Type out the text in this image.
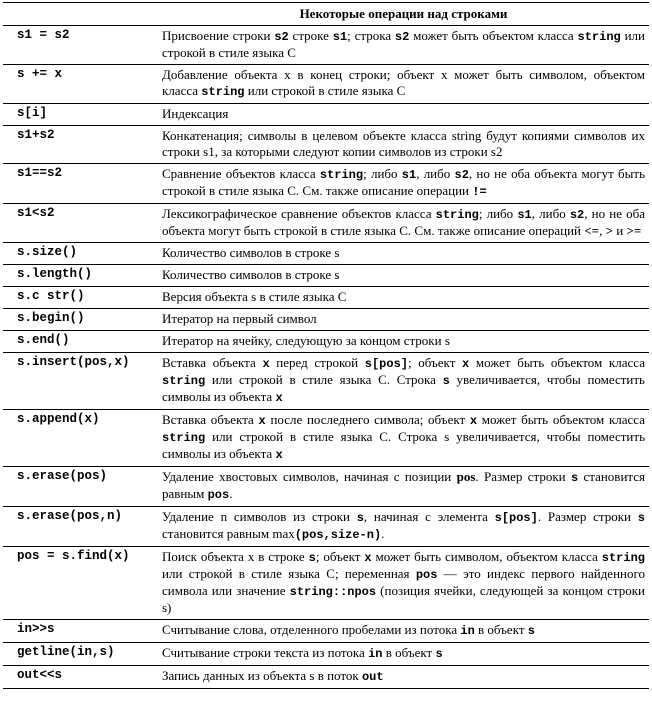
	Некоторые операции над строками
s1 = s2	Присвоение строки s2 строке s1; строка s2 может быть объектом класса string или строкой в стиле языка C
s += x	Добавление объекта x в конец строки; объект x может быть символом, объектом класса string или строкой в стиле языка C
s[i]	Индексация
s1+s2	Конкатенация; символы в целевом объекте класса string будут копиями символов их строки s1, за которыми следуют копии символов из строки s2
s1==s2	Сравнение объектов класса string; либо s1, либо s2, но не оба объекта могут быть строкой в стиле языка C. См. также описание операции !=
s1<s2	Лексикографическое сравнение объектов класса string; либо s1, либо s2, но не оба объекта могут быть строкой в стиле языка C. См. также описание операций <=, > и >=
s.size()	Количество символов в строке s
s.length()	Количество символов в строке s
s.c str()	Версия объекта s в стиле языка C
s.begin()	Итератор на первый символ
s.end()	Итератор на ячейку, следующую за концом строки s
s.insert(pos,x)	Вставка объекта x перед строкой s[pos]; объект x может быть объектом класса string или строкой в стиле языка C. Строка s увеличивается, чтобы поместить символы из объекта x
s.append(x)	Вставка объекта x после последнего символа; объект x может быть объектом класса string или строкой в стиле языка C. Строка s увеличивается, чтобы поместить символы из объекта x
s.erase(pos)	Удаление хвостовых символов, начиная с позиции pos. Размер строки s становится равным pos.
s.erase(pos,n)	Удаление n символов из строки s, начиная с элемента s[pos]. Размер строки s становится равным max(pos,size-n).
pos = s.find(x)	Поиск объекта x в строке s; объект x может быть символом, объектом класса string или строкой в стиле языка C; переменная pos — это индекс первого найденного символа или значение string::npos (позиция ячейки, следующей за концом строки s)
in>>s	Считывание слова, отделенного пробелами из потока in в объект s
getline(in,s)	Считывание строки текста из потока in в объект s
out<<s	Запись данных из объекта s в поток out
